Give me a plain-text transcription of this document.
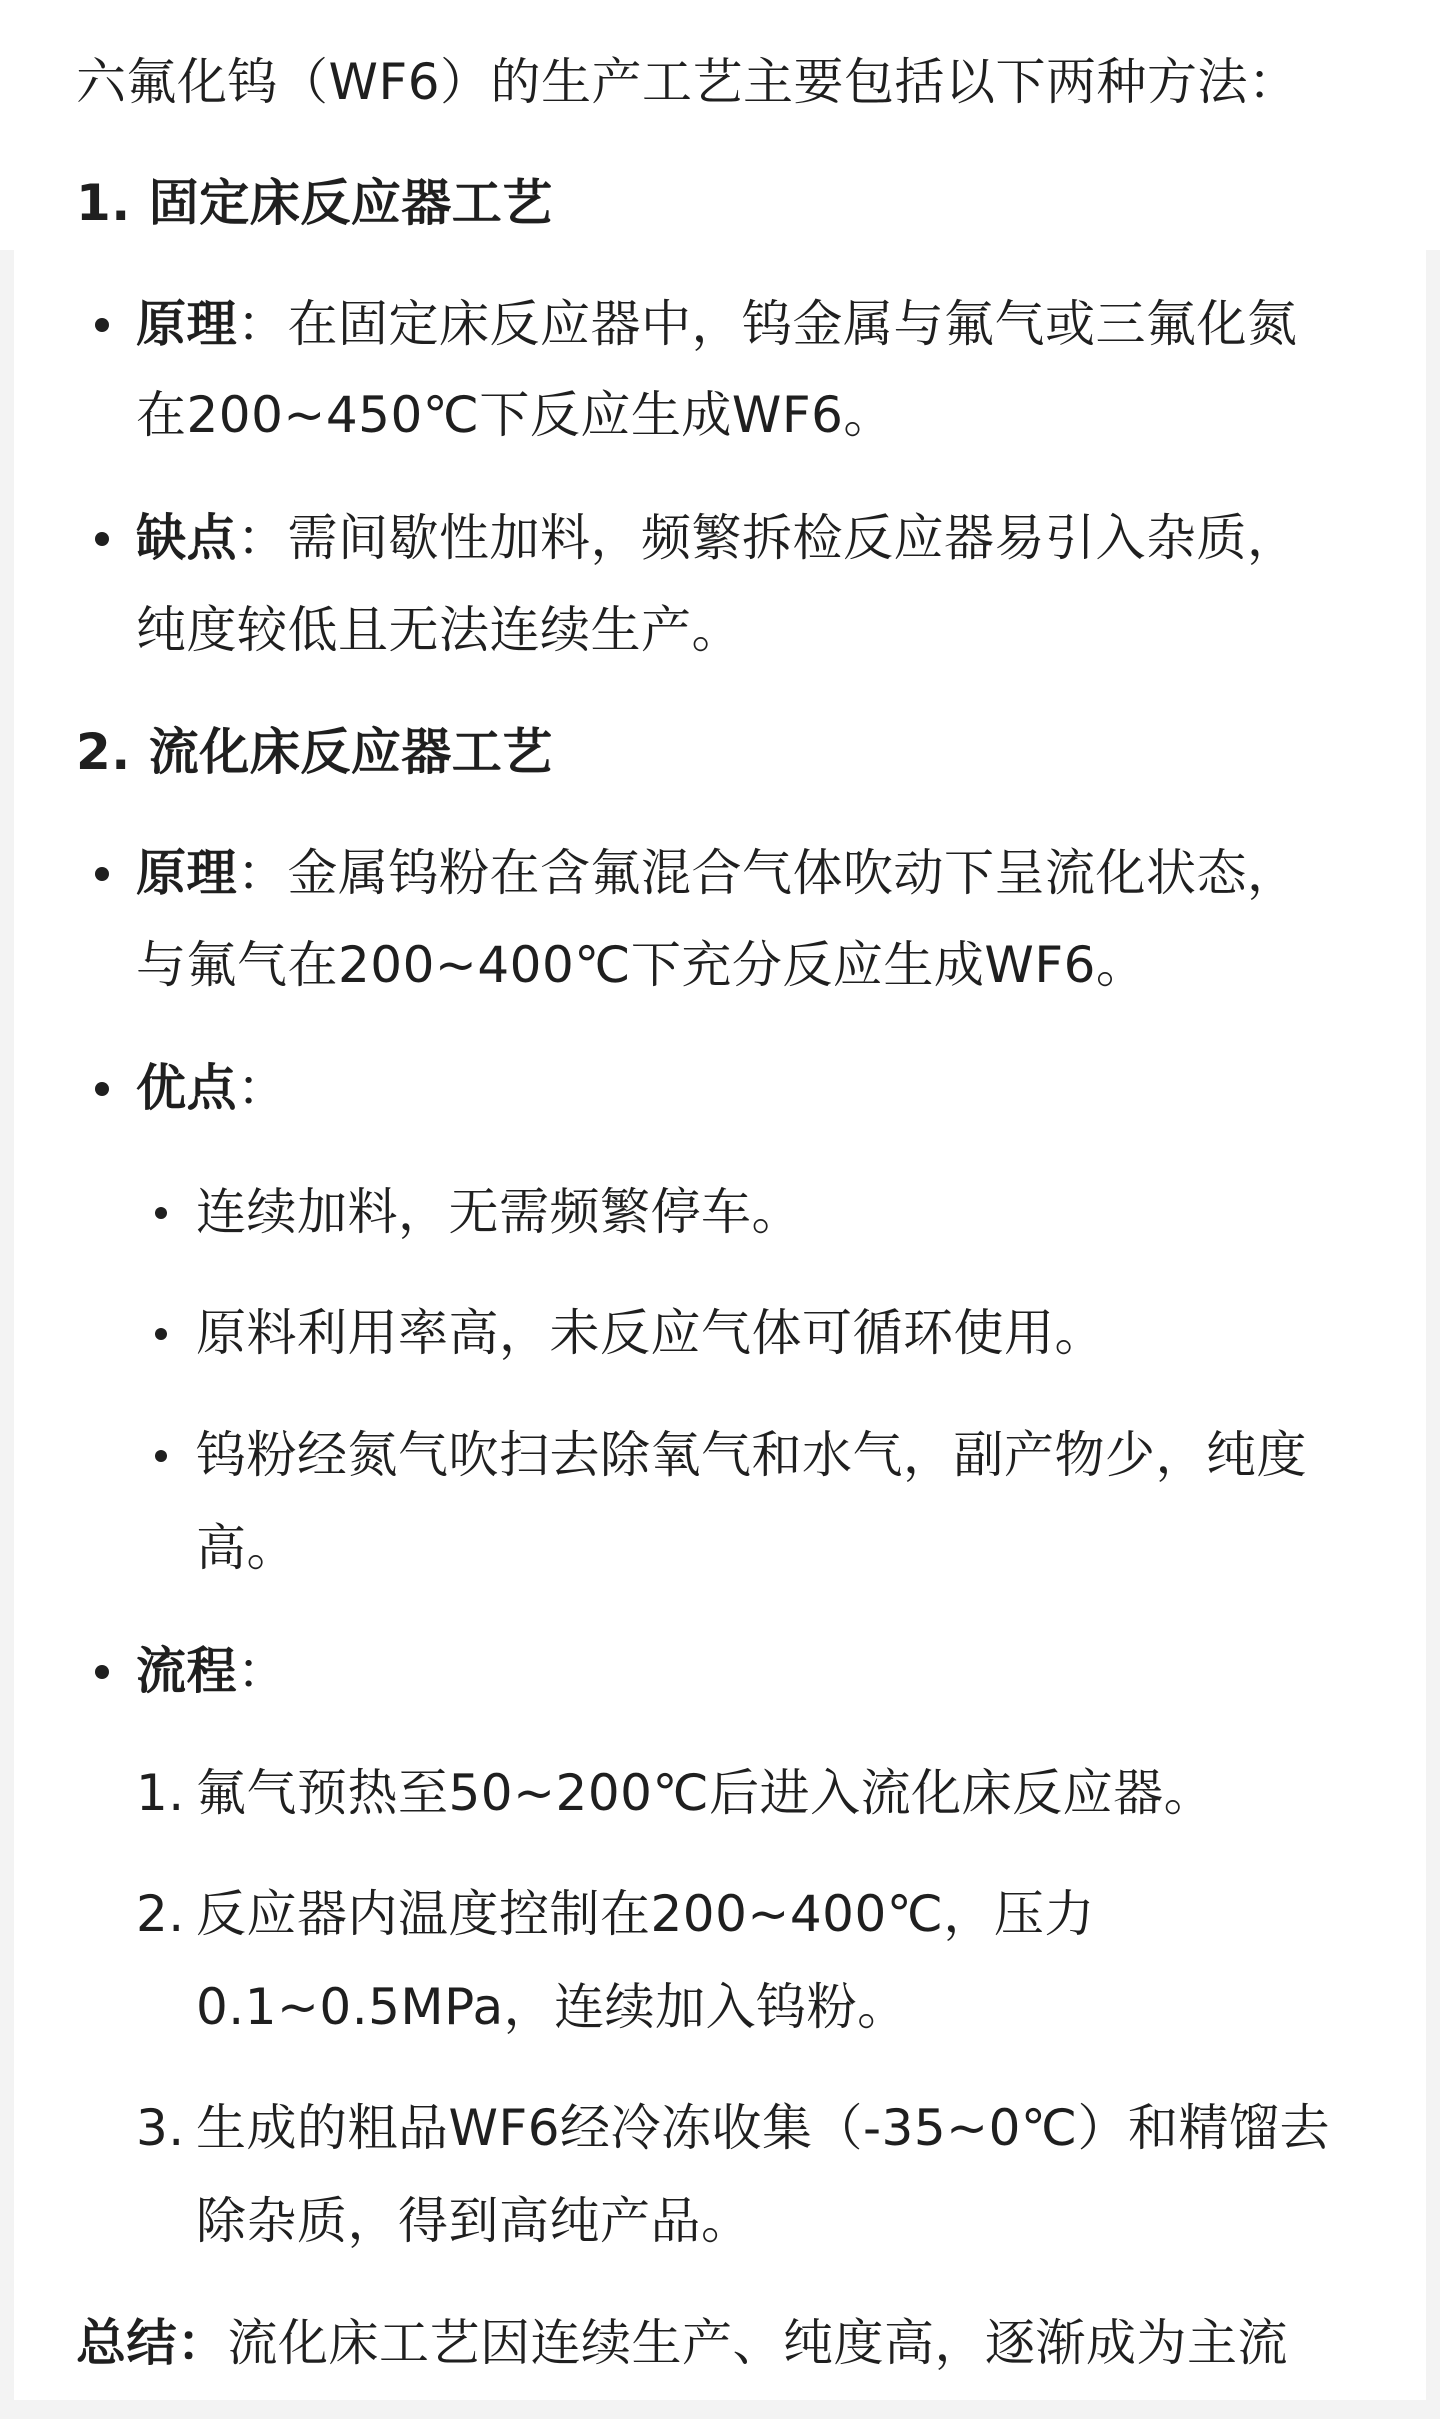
六氟化钨（WF6）的生产工艺主要包括以下两种方法：
1. 固定床反应器工艺
原理：在固定床反应器中，钨金属与氟气或三氟化氮
在200~450℃下反应生成WF6。
缺点：需间歇性加料，频繁拆检反应器易引入杂质，
纯度较低且无法连续生产。
2. 流化床反应器工艺
原理：金属钨粉在含氟混合气体吹动下呈流化状态，
与氟气在200~400℃下充分反应生成WF6。
优点：
连续加料，无需频繁停车。
原料利用率高，未反应气体可循环使用。
钨粉经氮气吹扫去除氧气和水气，副产物少，纯度
高。
流程：
1. 氟气预热至50~200℃后进入流化床反应器。
2. 反应器内温度控制在200~400℃，压力
0.1~0.5MPa，连续加入钨粉。
3. 生成的粗品WF6经冷冻收集（-35~0℃）和精馏去
除杂质，得到高纯产品。
总结：流化床工艺因连续生产、纯度高，逐渐成为主流
